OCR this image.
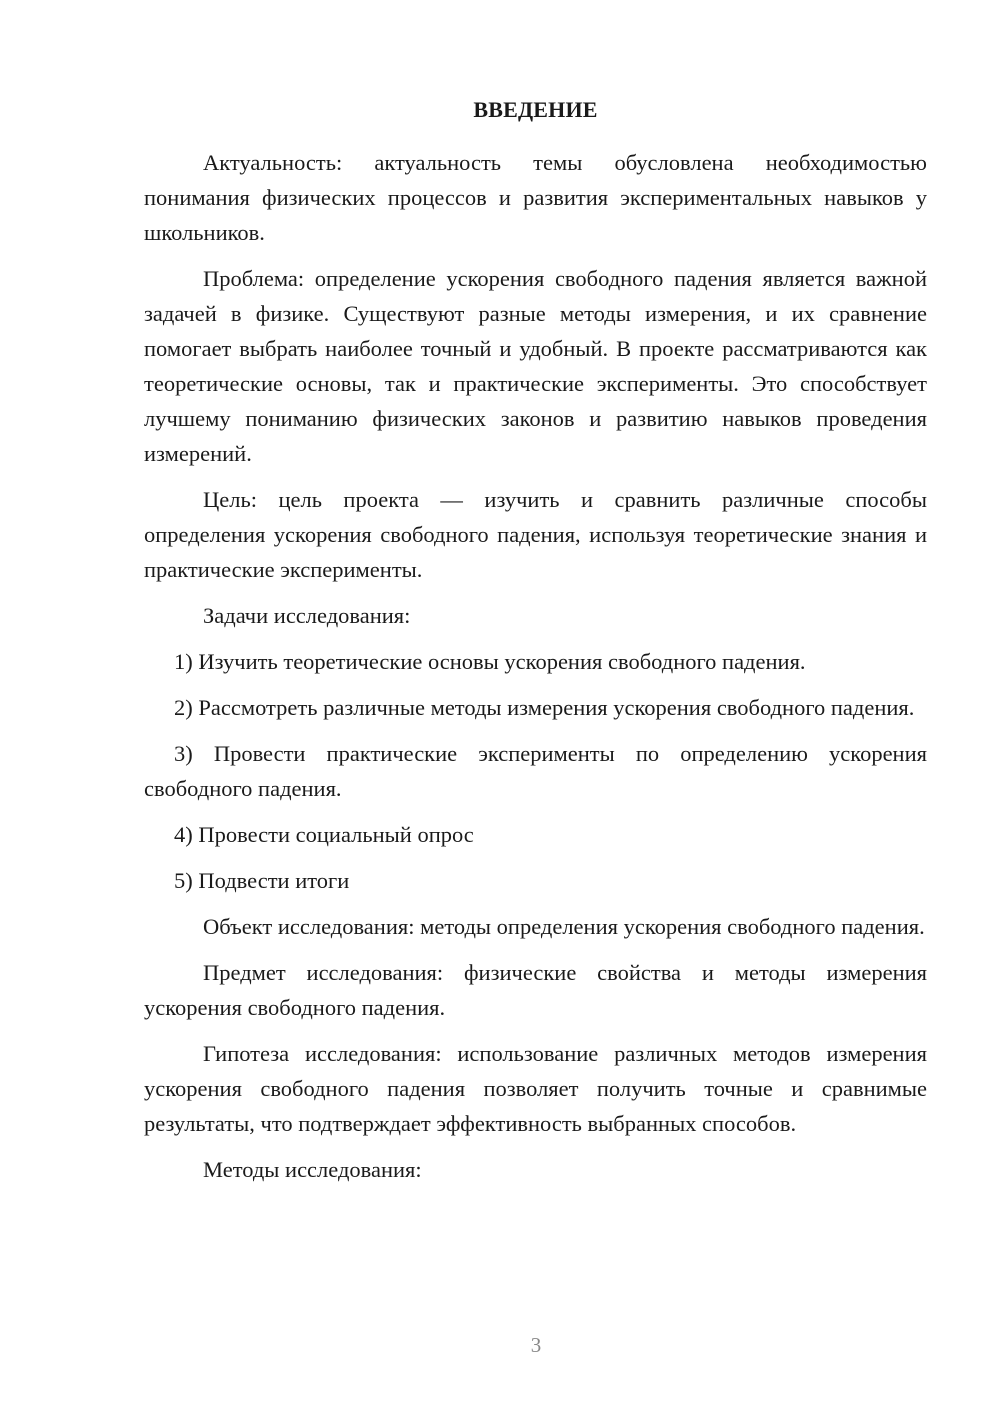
ВВЕДЕНИЕ

Актуальность: актуальность темы обусловлена необходимостью понимания физических процессов и развития экспериментальных навыков у школьников.

Проблема: определение ускорения свободного падения является важной задачей в физике. Существуют разные методы измерения, и их сравнение помогает выбрать наиболее точный и удобный. В проекте рассматриваются как теоретические основы, так и практические эксперименты. Это способствует лучшему пониманию физических законов и развитию навыков проведения измерений.

Цель: цель проекта — изучить и сравнить различные способы определения ускорения свободного падения, используя теоретические знания и практические эксперименты.

Задачи исследования:

1) Изучить теоретические основы ускорения свободного падения.

2) Рассмотреть различные методы измерения ускорения свободного падения.

3) Провести практические эксперименты по определению ускорения свободного падения.

4) Провести социальный опрос

5) Подвести итоги

Объект исследования: методы определения ускорения свободного падения.

Предмет исследования: физические свойства и методы измерения ускорения свободного падения.

Гипотеза исследования: использование различных методов измерения ускорения свободного падения позволяет получить точные и сравнимые результаты, что подтверждает эффективность выбранных способов.

Методы исследования:

3
